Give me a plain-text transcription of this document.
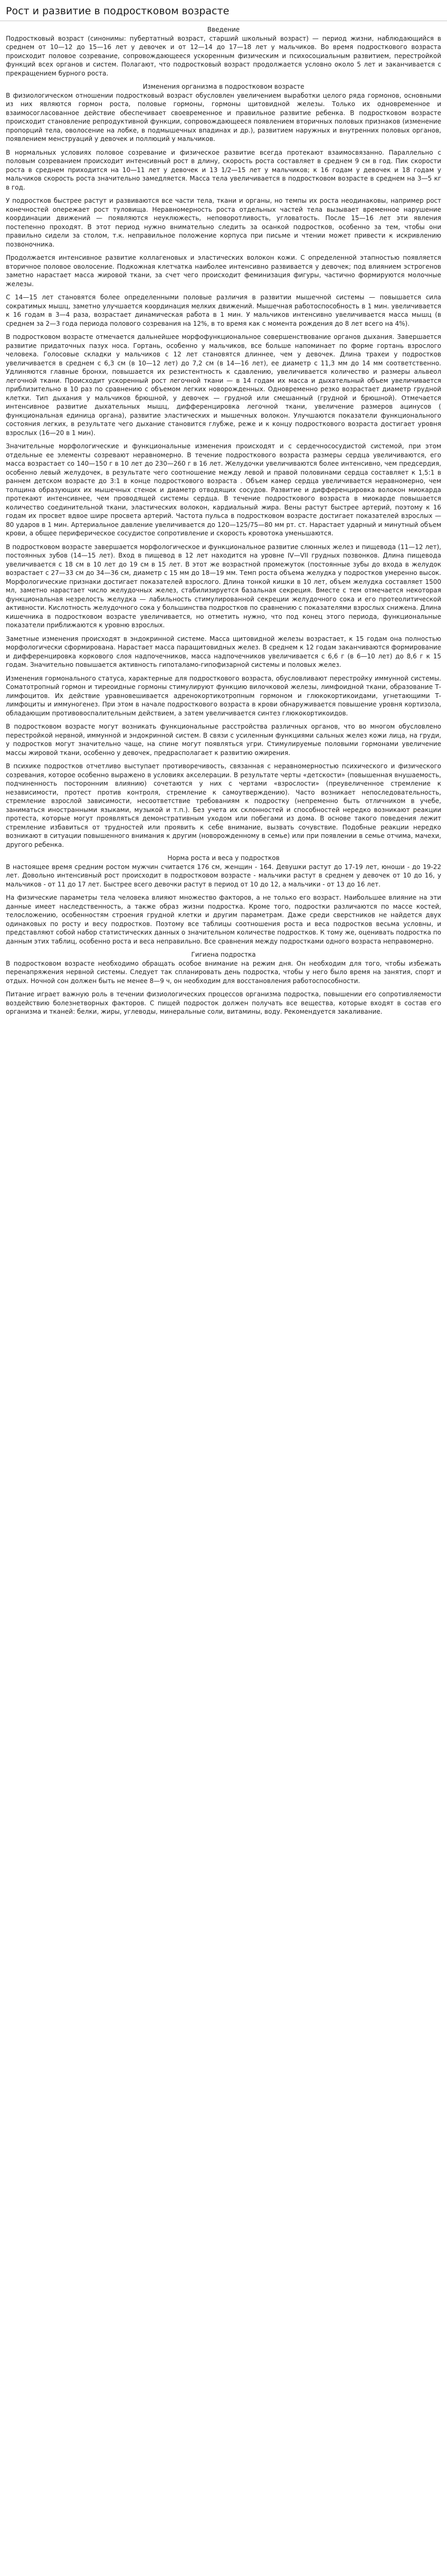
Рост и развитие в подростковом возрасте
Введение

Подростковый возраст (синонимы: пубертатный возраст, старший школьный возраст) — период жизни, наблюдающийся в среднем от 10—12 до 15—16 лет у девочек и от 12—14 до 17—18 лет у мальчиков. Во время подросткового возраста происходит половое созревание, сопровождающееся ускоренным физическим и психосоциальным развитием, перестройкой функций всех органов и систем. Полагают, что подростковый возраст продолжается условно около 5 лет и заканчивается с прекращением бурного роста.

Изменения организма в подростковом возрасте

В физиологическом отношении подростковый возраст обусловлен увеличением выработки целого ряда гормонов, основными из них являются гормон роста, половые гормоны, гормоны щитовидной железы. Только их одновременное и взаимосогласованное действие обеспечивает своевременное и правильное развитие ребенка. В подростковом возрасте происходит становление репродуктивной функции, сопровождающееся появлением вторичных половых признаков (изменение пропорций тела, оволосение на лобке, в подмышечных впадинах и др.), развитием наружных и внутренних половых органов, появлением менструаций у девочек и поллюций у мальчиков.

В нормальных условиях половое созревание и физическое развитие всегда протекают взаимосвязанно. Параллельно с половым созреванием происходит интенсивный рост в длину, скорость роста составляет в среднем 9 см в год. Пик скорости роста в среднем приходится на 10—11 лет у девочек и 13 1/2—15 лет у мальчиков; к 16 годам у девочек и 18 годам у мальчиков скорость роста значительно замедляется. Масса тела увеличивается в подростковом возрасте в среднем на 3—5 кг в год.

У подростков быстрее растут и развиваются все части тела, ткани и органы, но темпы их роста неодинаковы, например рост конечностей опережает рост туловища. Неравномерность роста отдельных частей тела вызывает временное нарушение координации движений — появляются неуклюжесть, неповоротливость, угловатость. После 15—16 лет эти явления постепенно проходят. В этот период нужно внимательно следить за осанкой подростков, особенно за тем, чтобы они правильно сидели за столом, т.к. неправильное положение корпуса при письме и чтении может привести к искривлению позвоночника.

Продолжается интенсивное развитие коллагеновых и эластических волокон кожи. С определенной этапностью появляется вторичное половое оволосение. Подкожная клетчатка наиболее интенсивно развивается у девочек; под влиянием эстрогенов заметно нарастает масса жировой ткани, за счет чего происходит феминизация фигуры, частично формируются молочные железы.

С 14—15 лет становятся более определенными половые различия в развитии мышечной системы — повышается сила сократимых мышц, заметно улучшается координация мелких движений. Мышечная работоспособность в 1 мин. увеличивается к 16 годам в 3—4 раза, возрастает динамическая работа в 1 мин. У мальчиков интенсивно увеличивается масса мышц (в среднем за 2—3 года периода полового созревания на 12%, в то время как с момента рождения до 8 лет всего на 4%).

В подростковом возрасте отмечается дальнейшее морфофункциональное совершенствование органов дыхания. Завершается развитие придаточных пазух носа. Гортань, особенно у мальчиков, все больше напоминает по форме гортань взрослого человека. Голосовые складки у мальчиков с 12 лет становятся длиннее, чем у девочек. Длина трахеи у подростков увеличивается в среднем с 6,3 см (в 10—12 лет) до 7,2 см (в 14—16 лет), ее диаметр с 11,3 мм до 14 мм соответственно. Удлиняются главные бронхи, повышается их резистентность к сдавлению, увеличивается количество и размеры альвеол легочной ткани. Происходит ускоренный рост легочной ткани — в 14 годам их масса и дыхательный объем увеличивается приблизительно в 10 раз по сравнению с объемом легких новорожденных. Одновременно резко возрастает диаметр грудной клетки. Тип дыхания у мальчиков брюшной, у девочек — грудной или смешанный (грудной и брюшной). Отмечается интенсивное развитие дыхательных мышц, дифференцировка легочной ткани, увеличение размеров ацинусов ( функциональная единица органа), развитие эластических и мышечных волокон. Улучшаются показатели функционального состояния легких, в результате чего дыхание становится глубже, реже и к концу подросткового возраста достигает уровня взрослых (16—20 в 1 мин).

Значительные морфологические и функциональные изменения происходят и с сердечнососудистой системой, при этом отдельные ее элементы созревают неравномерно. В течение подросткового возраста размеры сердца увеличиваются, его масса возрастает со 140—150 г в 10 лет до 230—260 г в 16 лет. Желудочки увеличиваются более интенсивно, чем предсердия, особенно левый желудочек, в результате чего соотношение между левой и правой половинами сердца составляет к 1,5:1 в раннем детском возрасте до 3:1 в конце подросткового возраста . Объем камер сердца увеличивается неравномерно, чем толщина образующих их мышечных стенок и диаметр отводящих сосудов. Развитие и дифференцировка волокон миокарда протекают интенсивнее, чем проводящей системы сердца. В течение подросткового возраста в миокарде повышается количество соединительной ткани, эластических волокон, кардиальный жира. Вены растут быстрее артерий, поэтому к 16 годам их просвет вдвое шире просвета артерий. Частота пульса в подростковом возрасте достигает показателей взрослых — 80 ударов в 1 мин. Артериальное давление увеличивается до 120—125/75—80 мм рт. ст. Нарастает ударный и минутный объем крови, а общее периферическое сосудистое сопротивление и скорость кровотока уменьшаются.

В подростковом возрасте завершается морфологическое и функциональное развитие слюнных желез и пищевода (11—12 лет), постоянных зубов (14—15 лет). Вход в пищевод в 12 лет находится на уровне IV—VII грудных позвонков. Длина пищевода увеличивается с 18 см в 10 лет до 19 см в 15 лет. В этот же возрастной промежуток (постоянные зубы до входа в желудок возрастает с 27—33 см до 34—36 см, диаметр с 15 мм до 18—19 мм. Темп роста объема желудка у подростков умеренно высок. Морфологические признаки достигает показателей взрослого. Длина тонкой кишки в 10 лет, объем желудка составляет 1500 мл, заметно нарастает число желудочных желез, стабилизируется базальная секреция. Вместе с тем отмечается некоторая функциональная незрелость желудка — лабильность стимулированной секреции желудочного сока и его протеолитической активности. Кислотность желудочного сока у большинства подростков по сравнению с показателями взрослых снижена. Длина кишечника в подростковом возрасте увеличивается, но отметить нужно, что под конец этого периода, функциональные показатели приближаются к уровню взрослых.

Заметные изменения происходят в эндокринной системе. Масса щитовидной железы возрастает, к 15 годам она полностью морфологически сформирована. Нарастает масса паращитовидных желез. В среднем к 12 годам заканчиваются формирование и дифференцировка коркового слоя надпочечников, масса надпочечников увеличивается с 6,6 г (в 6—10 лет) до 8,6 г к 15 годам. Значительно повышается активность гипоталамо-гипофизарной системы и половых желез.

Изменения гормонального статуса, характерные для подросткового возраста, обусловливают перестройку иммунной системы. Соматотропный гормон и тиреоидные гормоны стимулируют функцию вилочковой железы, лимфоидной ткани, образование Т-лимфоцитов. Их действие уравновешивается адренокортикотропным гормоном и глюкокортикоидами, угнетающими Т-лимфоциты и иммуногенез. При этом в начале подросткового возраста в крови обнаруживается повышение уровня кортизола, обладающим противовоспалительным действием, а затем увеличивается синтез глюкокортикоидов.

В подростковом возрасте могут возникать функциональные расстройства различных органов, что во многом обусловлено перестройкой нервной, иммунной и эндокринной систем. В связи с усиленным функциями сальных желез кожи лица, на груди, у подростков могут значительно чаще, на спине могут появляться угри. Стимулируемые половыми гормонами увеличение массы жировой ткани, особенно у девочек, предрасполагает к развитию ожирения.

В психике подростков отчетливо выступает противоречивость, связанная с неравномерностью психического и физического созревания, которое особенно выражено в условиях акселерации. В результате черты «детскости» (повышенная внушаемость, подчиненность посторонним влиянию) сочетаются у них с чертами «взрослости» (преувеличенное стремление к независимости, протест против контроля, стремление к самоутверждению). Часто возникает непоследовательность, стремление взрослой зависимости, несоответствие требованиям к подростку (непременно быть отличником в учебе, заниматься иностранными языками, музыкой и т.п.). Без учета их склонностей и способностей нередко возникают реакции протеста, которые могут проявляться демонстративным уходом или побегами из дома. В основе такого поведения лежит стремление избавиться от трудностей или проявить к себе внимание, вызвать сочувствие. Подобные реакции нередко возникают в ситуации повышенного внимания к другим (новорожденному в семье) или при появлении в семье отчима, мачехи, другого ребенка.

Норма роста и веса у подростков

В настоящее время средним ростом мужчин считается 176 см, женщин - 164. Девушки растут до 17-19 лет, юноши - до 19-22 лет. Довольно интенсивный рост происходит в подростковом возрасте - мальчики растут в среднем у девочек от 10 до 16, у мальчиков - от 11 до 17 лет. Быстрее всего девочки растут в период от 10 до 12, а мальчики - от 13 до 16 лет.

На физические параметры тела человека влияют множество факторов, а не только его возраст. Наибольшее влияние на эти данные имеет наследственность, а также образ жизни подростка. Кроме того, подростки различаются по массе костей, телосложению, особенностям строения грудной клетки и другим параметрам. Даже среди сверстников не найдется двух одинаковых по росту и весу подростков. Поэтому все таблицы соотношения роста и веса подростков весьма условны, и представляют собой набор статистических данных о значительном количестве подростков. К тому же, оценивать подростка по данным этих таблиц, особенно роста и веса неправильно. Все сравнения между подростками одного возраста неправомерно.

Гигиена подростка

В подростковом возрасте необходимо обращать особое внимание на режим дня. Он необходим для того, чтобы избежать перенапряжения нервной системы. Следует так спланировать день подростка, чтобы у него было время на занятия, спорт и отдых. Ночной сон должен быть не менее 8—9 ч, он необходим для восстановления работоспособности.

Питание играет важную роль в течении физиологических процессов организма подростка, повышении его сопротивляемости воздействию болезнетворных факторов. С пищей подросток должен получать все вещества, которые входят в состав его организма и тканей: белки, жиры, углеводы, минеральные соли, витамины, воду. Рекомендуется закаливание.
